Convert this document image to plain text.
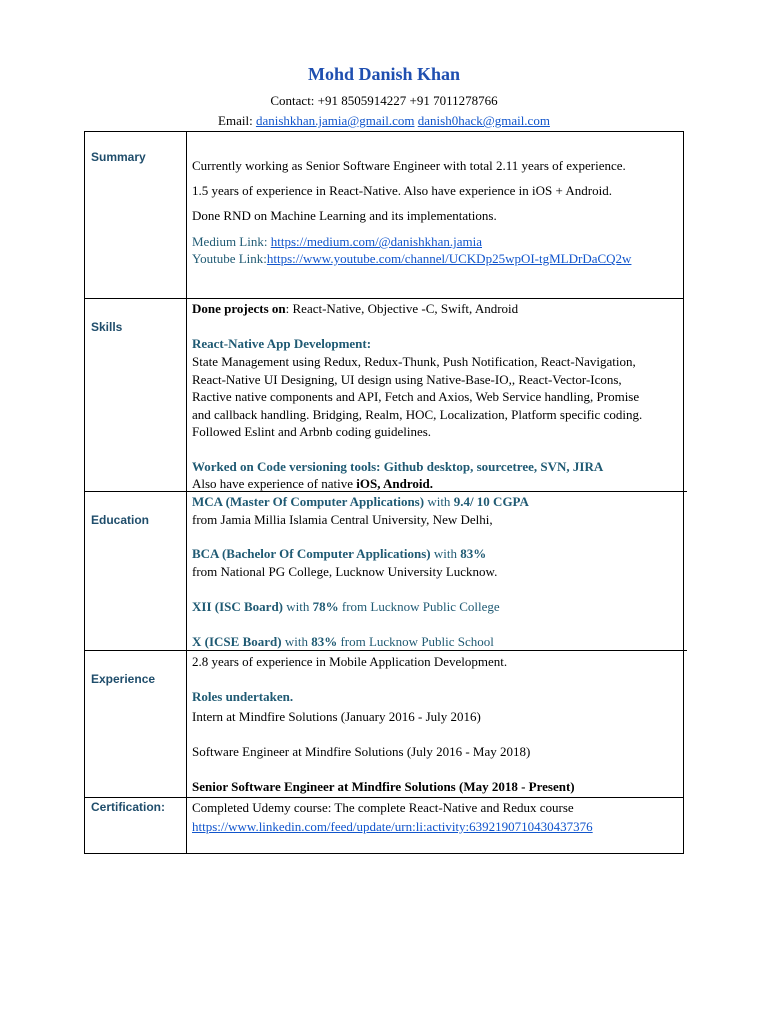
Mohd Danish Khan
Contact: +91 8505914227 +91 7011278766
Email: danishkhan.jamia@gmail.com danish0hack@gmail.com
Summary
Skills
Education
Experience
Certification:
Currently working as Senior Software Engineer with total 2.11 years of experience.
1.5 years of experience in React-Native. Also have experience in iOS + Android.
Done RND on Machine Learning and its implementations.
Medium Link: https://medium.com/@danishkhan.jamia
Youtube Link:https://www.youtube.com/channel/UCKDp25wpOI-tgMLDrDaCQ2w
Done projects on: React-Native, Objective -C, Swift, Android
React-Native App Development:
State Management using Redux, Redux-Thunk, Push Notification, React-Navigation,
React-Native UI Designing, UI design using Native-Base-IO,, React-Vector-Icons,
Ractive native components and API, Fetch and Axios, Web Service handling, Promise
and callback handling. Bridging, Realm, HOC, Localization, Platform specific coding.
Followed Eslint and Arbnb coding guidelines.
Worked on Code versioning tools: Github desktop, sourcetree, SVN, JIRA
Also have experience of native iOS, Android.
MCA (Master Of Computer Applications) with 9.4/ 10 CGPA
from Jamia Millia Islamia Central University, New Delhi,
BCA (Bachelor Of Computer Applications) with 83%
from National PG College, Lucknow University Lucknow.
XII (ISC Board) with 78% from Lucknow Public College
X (ICSE Board) with 83% from Lucknow Public School
2.8 years of experience in Mobile Application Development.
Roles undertaken.
Intern at Mindfire Solutions (January 2016 - July 2016)
Software Engineer at Mindfire Solutions (July 2016 - May 2018)
Senior Software Engineer at Mindfire Solutions (May 2018 - Present)
Completed Udemy course: The complete React-Native and Redux course
https://www.linkedin.com/feed/update/urn:li:activity:6392190710430437376
